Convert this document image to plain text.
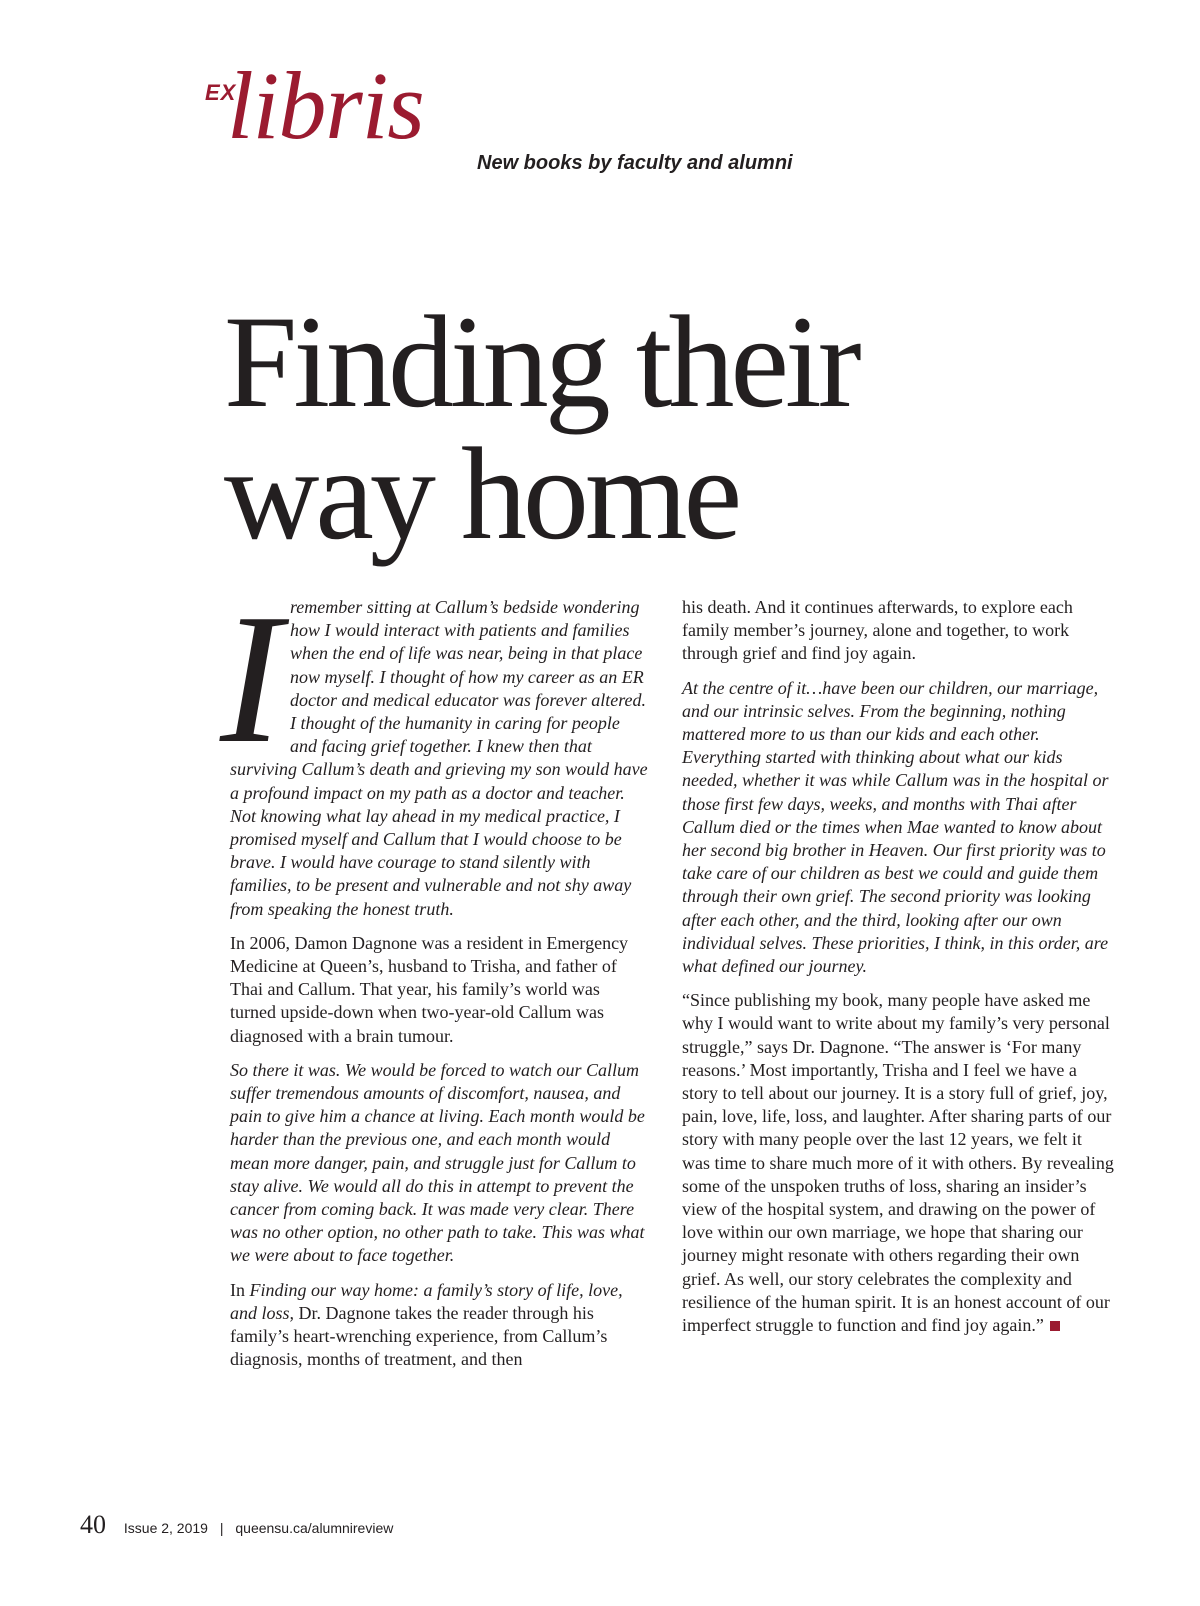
EX
libris
New books by faculty and alumni
Finding their
way home

I remember sitting at Callum’s bedside wondering how I would interact with patients and families when the end of life was near, being in that place now myself. I thought of how my career as an ER doctor and medical educator was forever altered. I thought of the humanity in caring for people and facing grief together. I knew then that surviving Callum’s death and grieving my son would have a profound impact on my path as a doctor and teacher. Not knowing what lay ahead in my medical practice, I promised myself and Callum that I would choose to be brave. I would have courage to stand silently with families, to be present and vulnerable and not shy away from speaking the honest truth.

In 2006, Damon Dagnone was a resident in Emergency Medicine at Queen’s, husband to Trisha, and father of Thai and Callum. That year, his family’s world was turned upside-down when two-year-old Callum was diagnosed with a brain tumour.

So there it was. We would be forced to watch our Callum suffer tremendous amounts of discomfort, nausea, and pain to give him a chance at living. Each month would be harder than the previous one, and each month would mean more danger, pain, and struggle just for Callum to stay alive. We would all do this in attempt to prevent the cancer from coming back. It was made very clear. There was no other option, no other path to take. This was what we were about to face together.

In Finding our way home: a family’s story of life, love, and loss, Dr. Dagnone takes the reader through his family’s heart-wrenching experience, from Callum’s diagnosis, months of treatment, and then

his death. And it continues afterwards, to explore each family member’s journey, alone and together, to work through grief and find joy again.

At the centre of it…have been our children, our marriage, and our intrinsic selves. From the beginning, nothing mattered more to us than our kids and each other. Everything started with thinking about what our kids needed, whether it was while Callum was in the hospital or those first few days, weeks, and months with Thai after Callum died or the times when Mae wanted to know about her second big brother in Heaven. Our first priority was to take care of our children as best we could and guide them through their own grief. The second priority was looking after each other, and the third, looking after our own individual selves. These priorities, I think, in this order, are what defined our journey.

“Since publishing my book, many people have asked me why I would want to write about my family’s very personal struggle,” says Dr. Dagnone. “The answer is ‘For many reasons.’ Most importantly, Trisha and I feel we have a story to tell about our journey. It is a story full of grief, joy, pain, love, life, loss, and laughter. After sharing parts of our story with many people over the last 12 years, we felt it was time to share much more of it with others. By revealing some of the unspoken truths of loss, sharing an insider’s view of the hospital system, and drawing on the power of love within our own marriage, we hope that sharing our journey might resonate with others regarding their own grief. As well, our story celebrates the complexity and resilience of the human spirit. It is an honest account of our imperfect struggle to function and find joy again.”

40 Issue 2, 2019 | queensu.ca/alumnireview
